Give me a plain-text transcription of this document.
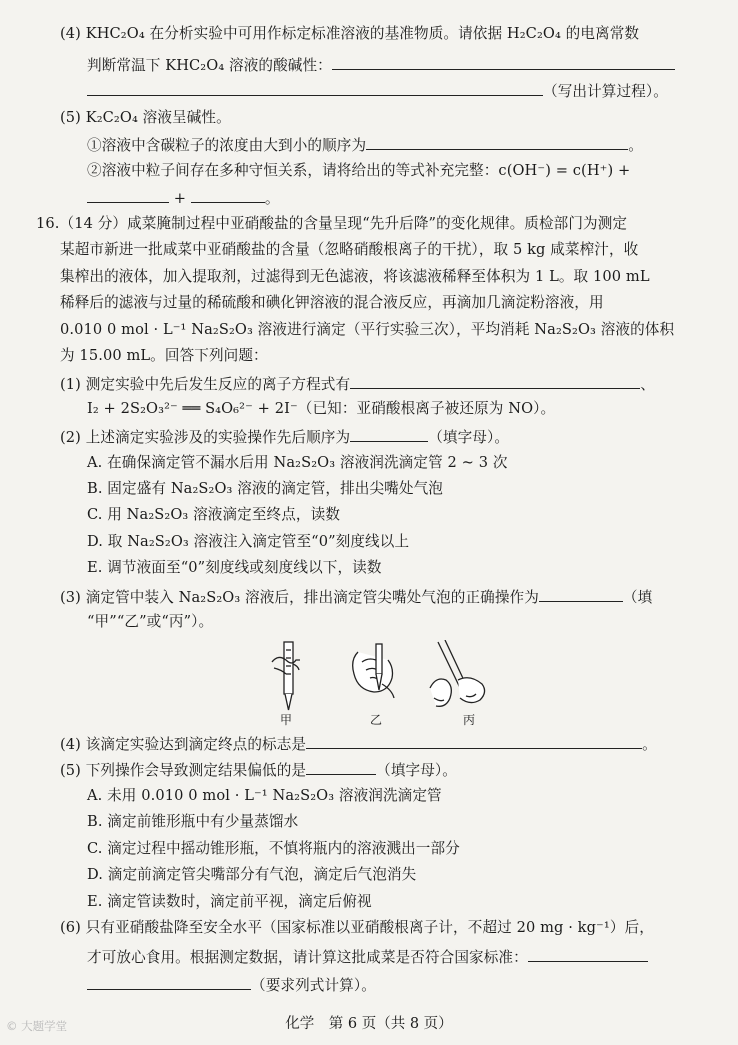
(4) KHC₂O₄ 在分析实验中可用作标定标准溶液的基准物质。请依据 H₂C₂O₄ 的电离常数
判断常温下 KHC₂O₄ 溶液的酸碱性：
（写出计算过程）。
(5) K₂C₂O₄ 溶液呈碱性。
①溶液中含碳粒子的浓度由大到小的顺序为	。
②溶液中粒子间存在多种守恒关系，请将给出的等式补充完整：c(OH⁻) = c(H⁺) +
+	。
16.（14 分）咸菜腌制过程中亚硝酸盐的含量呈现“先升后降”的变化规律。质检部门为测定
某超市新进一批咸菜中亚硝酸盐的含量（忽略硝酸根离子的干扰），取 5 kg 咸菜榨汁，收
集榨出的液体，加入提取剂，过滤得到无色滤液，将该滤液稀释至体积为 1 L。取 100 mL
稀释后的滤液与过量的稀硫酸和碘化钾溶液的混合液反应，再滴加几滴淀粉溶液，用
0.010 0 mol · L⁻¹ Na₂S₂O₃ 溶液进行滴定（平行实验三次），平均消耗 Na₂S₂O₃ 溶液的体积
为 15.00 mL。回答下列问题：
(1) 测定实验中先后发生反应的离子方程式有	、
I₂ + 2S₂O₃²⁻ ══ S₄O₆²⁻ + 2I⁻（已知：亚硝酸根离子被还原为 NO）。
(2) 上述滴定实验涉及的实验操作先后顺序为	（填字母）。
A. 在确保滴定管不漏水后用 Na₂S₂O₃ 溶液润洗滴定管 2 ~ 3 次
B. 固定盛有 Na₂S₂O₃ 溶液的滴定管，排出尖嘴处气泡
C. 用 Na₂S₂O₃ 溶液滴定至终点，读数
D. 取 Na₂S₂O₃ 溶液注入滴定管至“0”刻度线以上
E. 调节液面至“0”刻度线或刻度线以下，读数
(3) 滴定管中装入 Na₂S₂O₃ 溶液后，排出滴定管尖嘴处气泡的正确操作为	（填
“甲”“乙”或“丙”）。
甲	乙	丙
(4) 该滴定实验达到滴定终点的标志是	。
(5) 下列操作会导致测定结果偏低的是	（填字母）。
A. 未用 0.010 0 mol · L⁻¹ Na₂S₂O₃ 溶液润洗滴定管
B. 滴定前锥形瓶中有少量蒸馏水
C. 滴定过程中摇动锥形瓶，不慎将瓶内的溶液溅出一部分
D. 滴定前滴定管尖嘴部分有气泡，滴定后气泡消失
E. 滴定管读数时，滴定前平视，滴定后俯视
(6) 只有亚硝酸盐降至安全水平（国家标准以亚硝酸根离子计，不超过 20 mg · kg⁻¹）后，
才可放心食用。根据测定数据，请计算这批咸菜是否符合国家标准：
（要求列式计算）。
化学　第 6 页（共 8 页）
© 大题学堂
